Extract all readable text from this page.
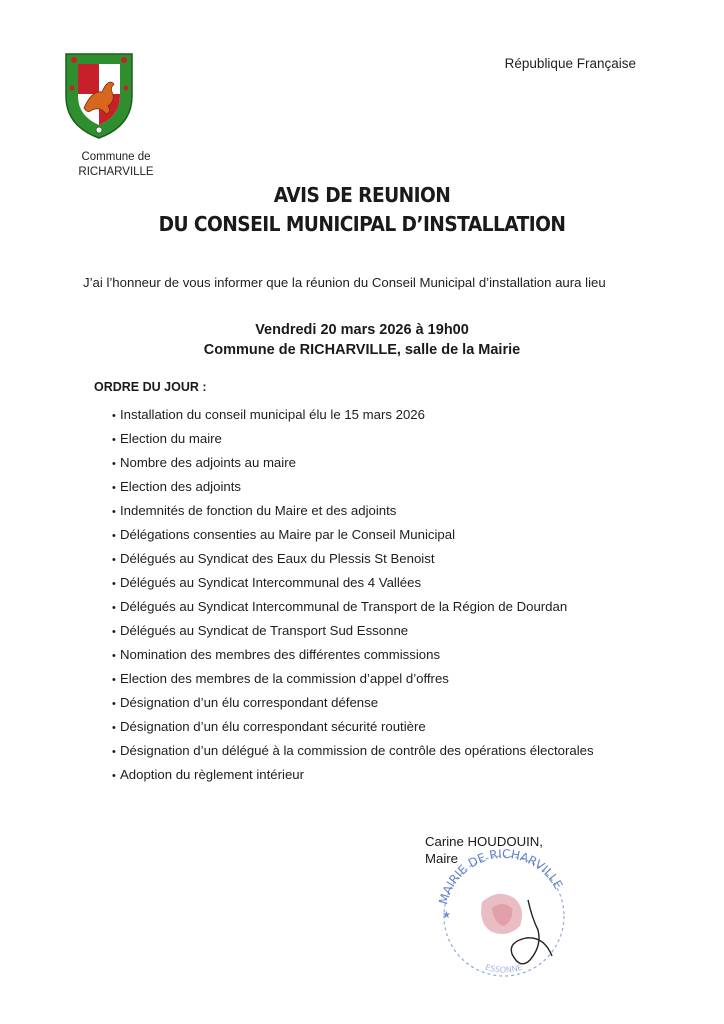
Commune de
RICHARVILLE
République Française
AVIS DE REUNION
DU CONSEIL MUNICIPAL D’INSTALLATION
J’ai l’honneur de vous informer que la réunion du Conseil Municipal d’installation aura lieu
Vendredi 20 mars 2026 à 19h00
Commune de RICHARVILLE, salle de la Mairie
ORDRE DU JOUR :
• Installation du conseil municipal élu le 15 mars 2026
• Election du maire
• Nombre des adjoints au maire
• Election des adjoints
• Indemnités de fonction du Maire et des adjoints
• Délégations consenties au Maire par le Conseil Municipal
• Délégués au Syndicat des Eaux du Plessis St Benoist
• Délégués au Syndicat Intercommunal des 4 Vallées
• Délégués au Syndicat Intercommunal de Transport de la Région de Dourdan
• Délégués au Syndicat de Transport Sud Essonne
• Nomination des membres des différentes commissions
• Election des membres de la commission d’appel d’offres
• Désignation d’un élu correspondant défense
• Désignation d’un élu correspondant sécurité routière
• Désignation d’un délégué à la commission de contrôle des opérations électorales
• Adoption du règlement intérieur
Carine HOUDOUIN,
Maire
MAIRIE DE RICHARVILLE
ESSONNE
★
